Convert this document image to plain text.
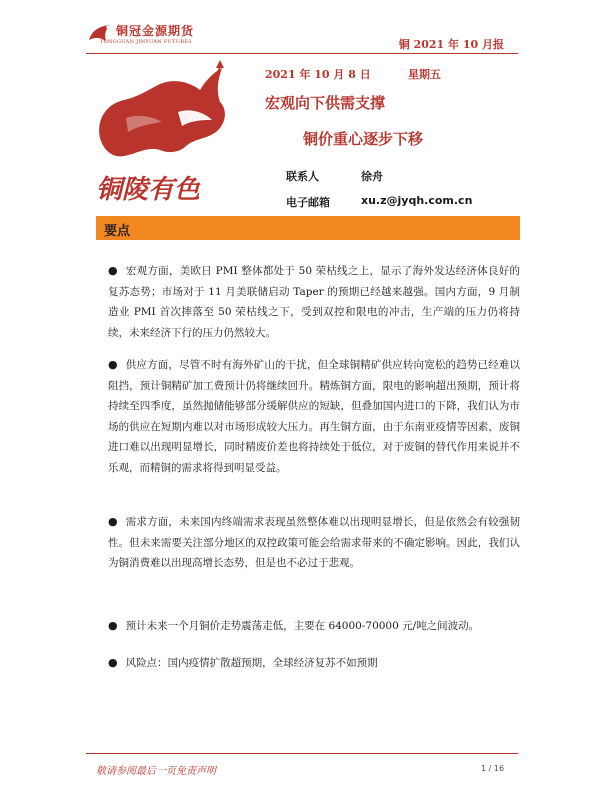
铜冠金源期货
TONGGUAN JINYUAN FUTURES	铜 2021 年 10 月报
铜陵有色
2021 年 10 月 8 日	星期五
宏观向下供需支撑
铜价重心逐步下移
联系人	徐舟
电子邮箱	xu.z@jyqh.com.cn
要点

● 宏观方面，美欧日 PMI 整体都处于 50 荣枯线之上，显示了海外发达经济体良好的复苏态势；市场对于 11 月美联储启动 Taper 的预期已经越来越强。国内方面，9 月制造业 PMI 首次摔落至 50 荣枯线之下，受到双控和限电的冲击，生产端的压力仍将持续，未来经济下行的压力仍然较大。

● 供应方面，尽管不时有海外矿山的干扰，但全球铜精矿供应转向宽松的趋势已经难以阻挡，预计铜精矿加工费预计仍将继续回升。精炼铜方面，限电的影响超出预期，预计将持续至四季度，虽然抛储能够部分缓解供应的短缺，但叠加国内进口的下降，我们认为市场的供应在短期内难以对市场形成较大压力。再生铜方面，由于东南亚疫情等因素，废铜进口难以出现明显增长，同时精废价差也将持续处于低位，对于废铜的替代作用来说并不乐观，而精铜的需求将得到明显受益。

● 需求方面，未来国内终端需求表现虽然整体难以出现明显增长，但是依然会有较强韧性。但未来需要关注部分地区的双控政策可能会给需求带来的不确定影响。因此，我们认为铜消费难以出现高增长态势，但是也不必过于悲观。

● 预计未来一个月铜价走势震荡走低，主要在 64000-70000 元/吨之间波动。

● 风险点：国内疫情扩散超预期，全球经济复苏不如预期

敬请参阅最后一页免责声明	1 / 16
